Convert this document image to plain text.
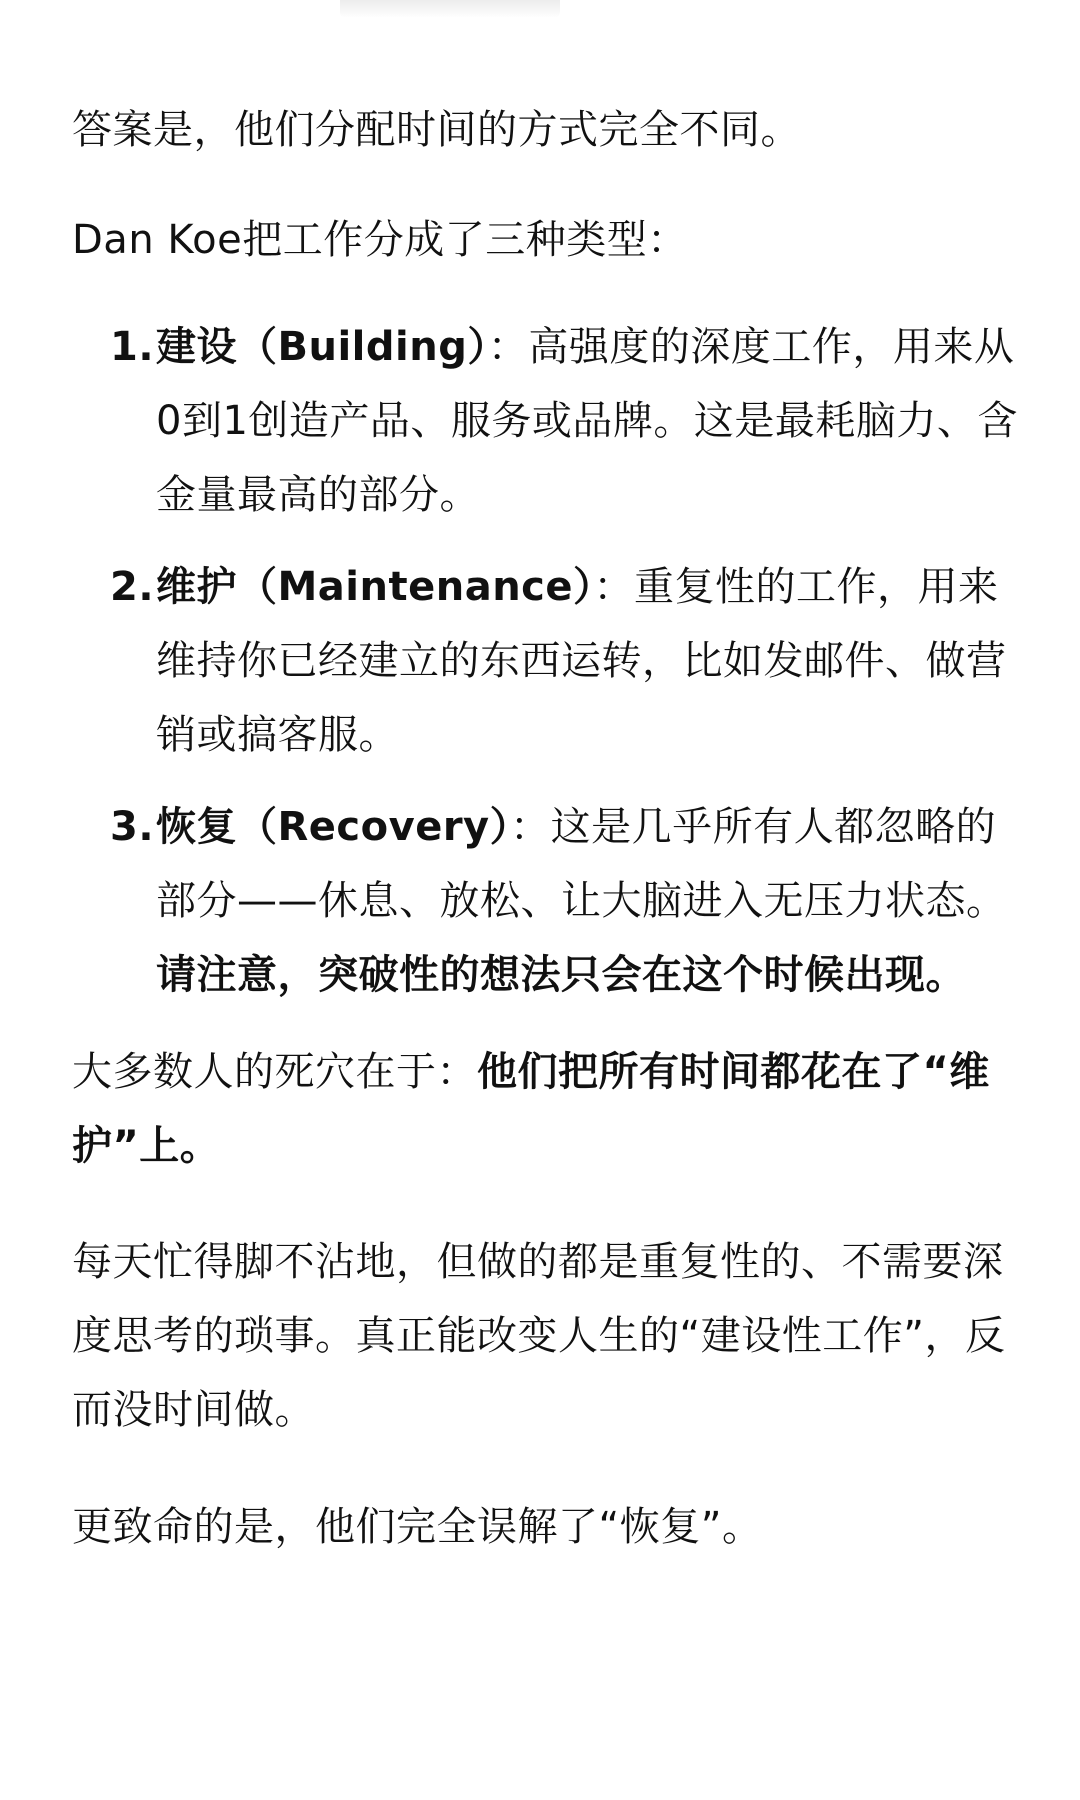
答案是，他们分配时间的方式完全不同。

Dan Koe把工作分成了三种类型：

1. 建设（Building）：高强度的深度工作，用来从0到1创造产品、服务或品牌。这是最耗脑力、含金量最高的部分。
2. 维护（Maintenance）：重复性的工作，用来维持你已经建立的东西运转，比如发邮件、做营销或搞客服。
3. 恢复（Recovery）：这是几乎所有人都忽略的部分——休息、放松、让大脑进入无压力状态。请注意，突破性的想法只会在这个时候出现。

大多数人的死穴在于：他们把所有时间都花在了“维护”上。

每天忙得脚不沾地，但做的都是重复性的、不需要深度思考的琐事。真正能改变人生的“建设性工作”，反而没时间做。

更致命的是，他们完全误解了“恢复”。
